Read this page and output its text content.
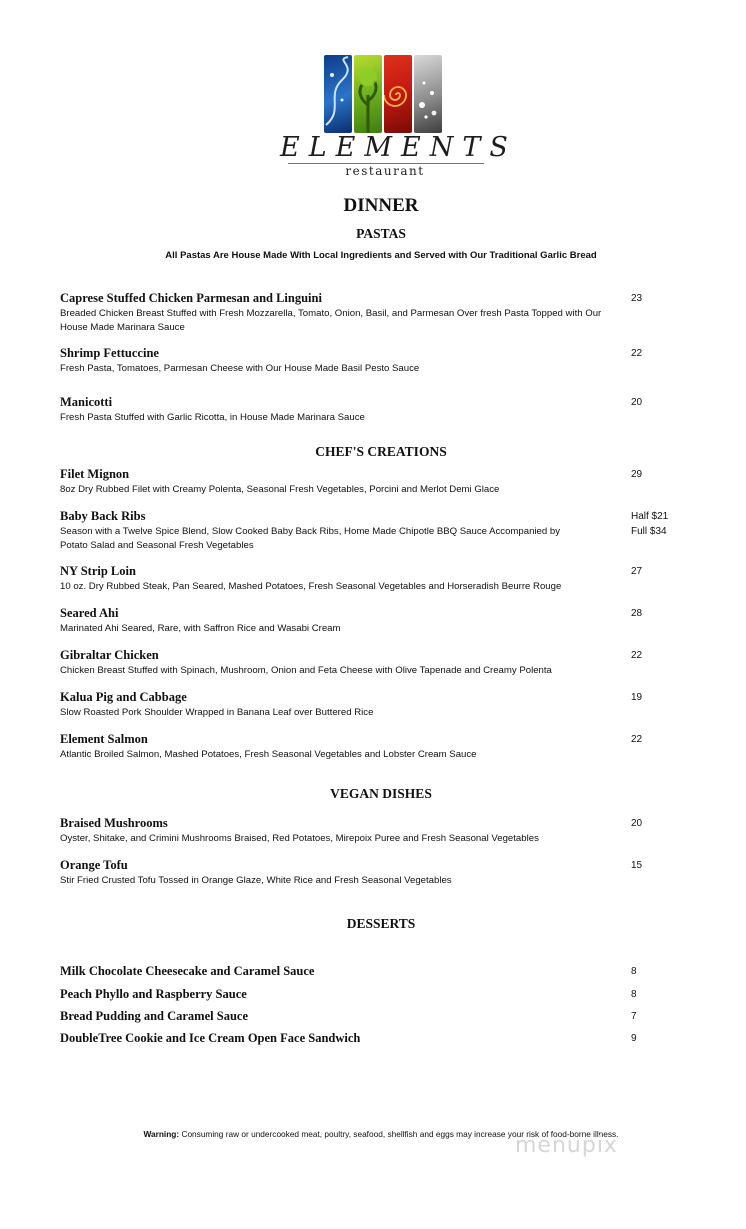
ELEMENTS
restaurant
DINNER
PASTAS
All Pastas Are House Made With Local Ingredients and Served with Our Traditional Garlic Bread
Caprese Stuffed Chicken Parmesan and Linguini
Breaded Chicken Breast Stuffed with Fresh Mozzarella, Tomato, Onion, Basil, and Parmesan Over fresh Pasta Topped with Our House Made Marinara Sauce
23
Shrimp Fettuccine
Fresh Pasta, Tomatoes, Parmesan Cheese with Our House Made Basil Pesto Sauce
22
Manicotti
Fresh Pasta Stuffed with Garlic Ricotta, in House Made Marinara Sauce
20
CHEF'S CREATIONS
Filet Mignon
8oz Dry Rubbed Filet with Creamy Polenta, Seasonal Fresh Vegetables, Porcini and Merlot Demi Glace
29
Baby Back Ribs
Season with a Twelve Spice Blend, Slow Cooked Baby Back Ribs, Home Made Chipotle BBQ Sauce Accompanied by Potato Salad and Seasonal Fresh Vegetables
Half $21
Full $34
NY Strip Loin
10 oz. Dry Rubbed Steak, Pan Seared, Mashed Potatoes, Fresh Seasonal Vegetables and Horseradish Beurre Rouge
27
Seared Ahi
Marinated Ahi Seared, Rare, with Saffron Rice and Wasabi Cream
28
Gibraltar Chicken
Chicken Breast Stuffed with Spinach, Mushroom, Onion and Feta Cheese with Olive Tapenade and Creamy Polenta
22
Kalua Pig and Cabbage
Slow Roasted Pork Shoulder Wrapped in Banana Leaf over Buttered Rice
19
Element Salmon
Atlantic Broiled Salmon, Mashed Potatoes, Fresh Seasonal Vegetables and Lobster Cream Sauce
22
VEGAN DISHES
Braised Mushrooms
Oyster, Shitake, and Crimini Mushrooms Braised, Red Potatoes, Mirepoix Puree and Fresh Seasonal Vegetables
20
Orange Tofu
Stir Fried Crusted Tofu Tossed in Orange Glaze, White Rice and Fresh Seasonal Vegetables
15
DESSERTS
Milk Chocolate Cheesecake and Caramel Sauce	8
Peach Phyllo and Raspberry Sauce	8
Bread Pudding and Caramel Sauce	7
DoubleTree Cookie and Ice Cream Open Face Sandwich	9
Warning: Consuming raw or undercooked meat, poultry, seafood, shellfish and eggs may increase your risk of food-borne illness.
menupix
